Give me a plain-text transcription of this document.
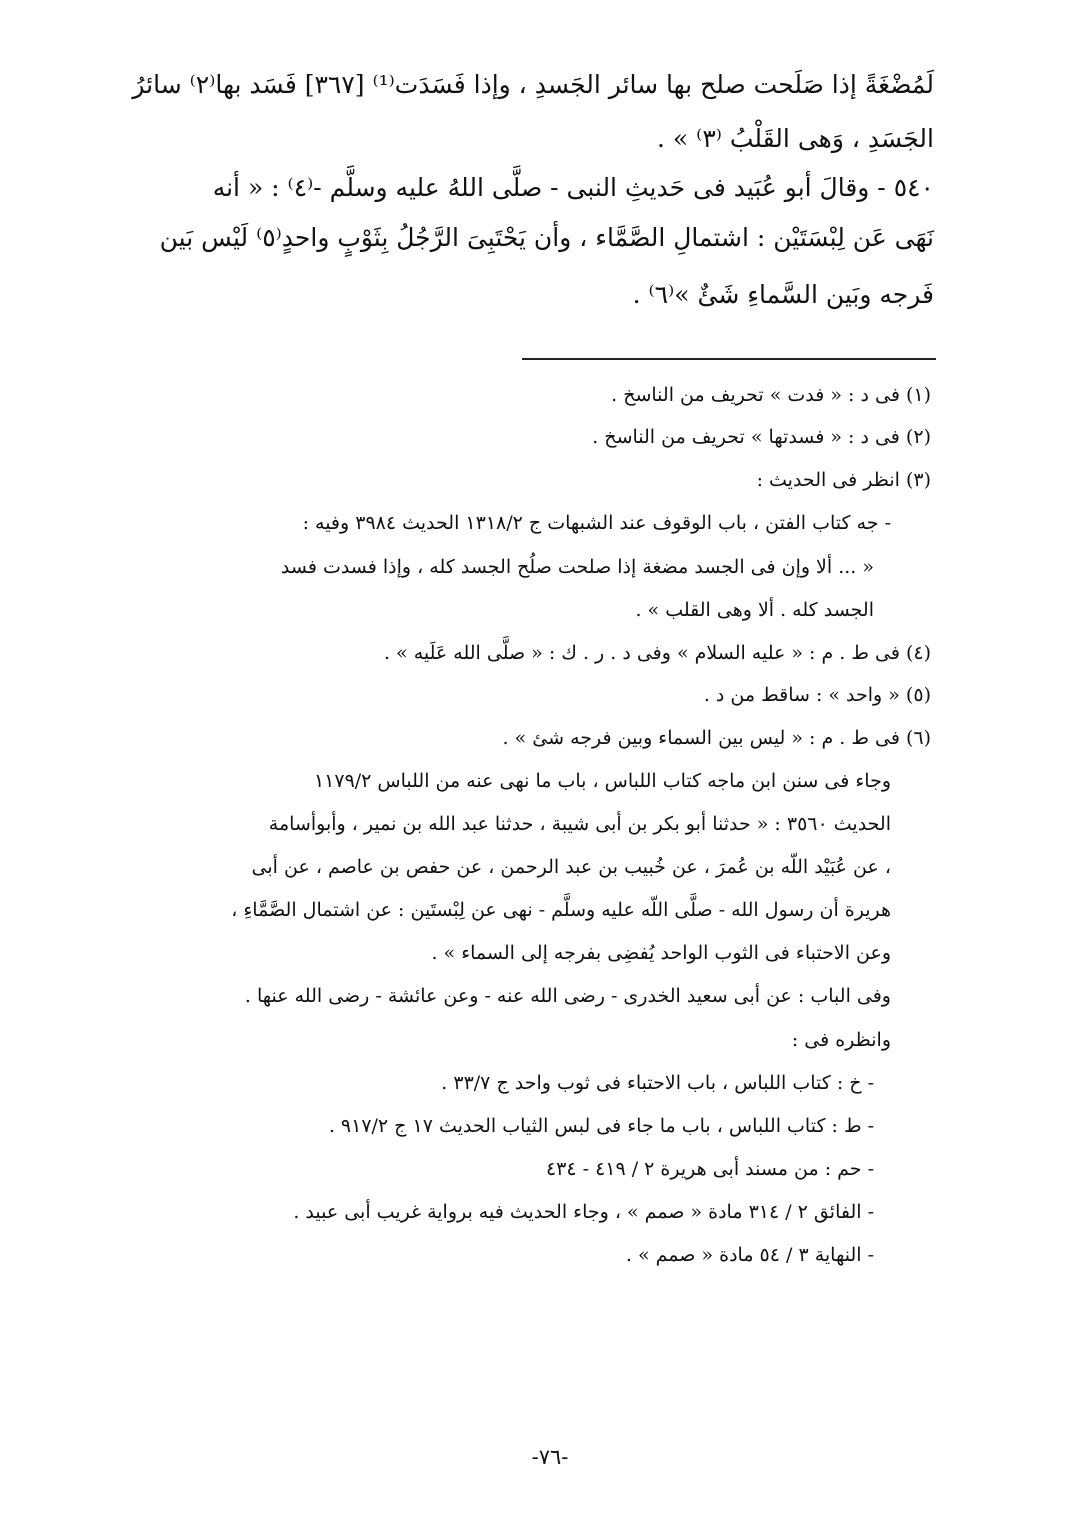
لَمُضْغَةً إذا صَلَحت صلح بها سائر الجَسدِ ، وإذا فَسَدَت⁽¹⁾ [٣٦٧] فَسَد بها⁽٢⁾ سائرُ
الجَسَدِ ، وَهى القَلْبُ ⁽٣⁾ » .
٥٤٠ - وقالَ أبو عُبَيد فى حَديثِ النبى - صلَّى اللهُ عليه وسلَّم -⁽٤⁾ : « أنه
نَهَى عَن لِبْسَتَيْن : اشتمالِ الصَّمَّاء ، وأن يَحْتَبِىَ الرَّجُلُ بِثَوْبٍ واحدٍ⁽٥⁾ لَيْس بَين
فَرجه وبَين السَّماءِ شَئٌ »⁽٦⁾ .
(١) فى د : « فدت » تحريف من الناسخ .
(٢) فى د : « فسدتها » تحريف من الناسخ .
(٣) انظر فى الحديث :
- جه كتاب الفتن ، باب الوقوف عند الشبهات ج ١٣١٨/٢ الحديث ٣٩٨٤ وفيه :
« ... ألا وإن فى الجسد مضغة إذا صلحت صلُح الجسد كله ، وإذا فسدت فسد
الجسد كله . ألا وهى القلب » .
(٤) فى ط . م : « عليه السلام » وفى د . ر . ك : « صلَّى الله عَلَيه » .
(٥) « واحد » : ساقط من د .
(٦) فى ط . م : « ليس بين السماء وبين فرجه شئ » .
وجاء فى سنن ابن ماجه كتاب اللباس ، باب ما نهى عنه من اللباس ١١٧٩/٢
الحديث ٣٥٦٠ : « حدثنا أبو بكر بن أبى شيبة ، حدثنا عبد الله بن نمير ، وأبوأسامة
، عن عُبَيْد اللّه بن عُمرَ ، عن خُبيب بن عبد الرحمن ، عن حفص بن عاصم ، عن أبى
هريرة أن رسول الله - صلَّى اللّه عليه وسلَّم - نهى عن لِبْستَين : عن اشتمال الصَّمَّاءِ ،
وعن الاحتباء فى الثوب الواحد يُفضِى بفرجه إلى السماء » .
وفى الباب : عن أبى سعيد الخدرى - رضى الله عنه - وعن عائشة - رضى الله عنها .
وانظره فى :
- خ : كتاب اللباس ، باب الاحتباء فى ثوب واحد ج ٣٣/٧ .
- ط : كتاب اللباس ، باب ما جاء فى لبس الثياب الحديث ١٧ ج ٩١٧/٢ .
- حم : من مسند أبى هريرة ٢ / ٤١٩ - ٤٣٤
- الفائق ٢ / ٣١٤ مادة « صمم » ، وجاء الحديث فيه برواية غريب أبى عبيد .
- النهاية ٣ / ٥٤ مادة « صمم » .
-٧٦-
